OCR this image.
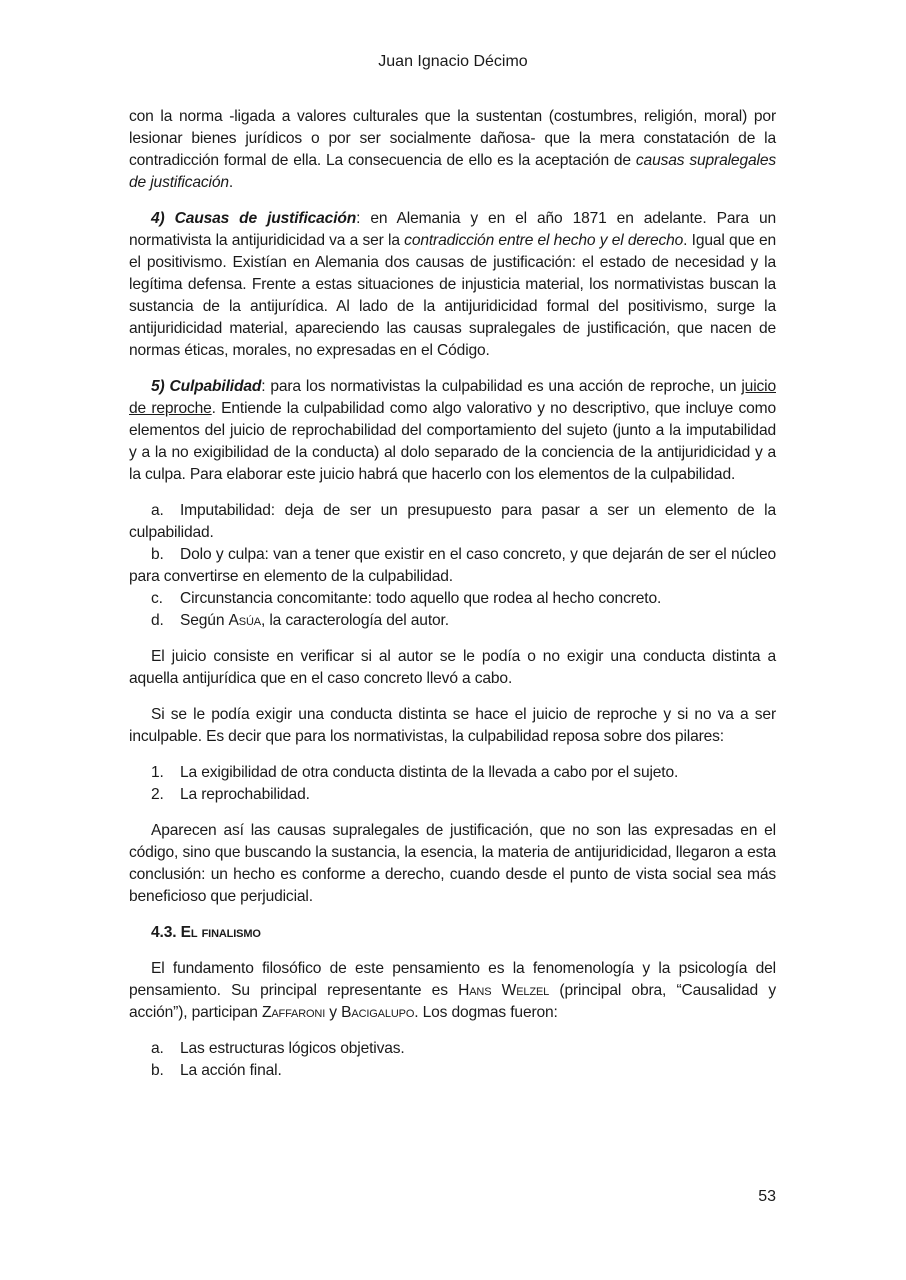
Juan Ignacio Décimo

con la norma -ligada a valores culturales que la sustentan (costumbres, religión, moral) por lesionar bienes jurídicos o por ser socialmente dañosa- que la mera constatación de la contradicción formal de ella. La consecuencia de ello es la aceptación de causas supralegales de justificación.

4) Causas de justificación: en Alemania y en el año 1871 en adelante. Para un normativista la antijuridicidad va a ser la contradicción entre el hecho y el derecho. Igual que en el positivismo. Existían en Alemania dos causas de justificación: el estado de necesidad y la legítima defensa. Frente a estas situaciones de injusticia material, los normativistas buscan la sustancia de la antijurídica. Al lado de la antijuridicidad formal del positivismo, surge la antijuridicidad material, apareciendo las causas supralegales de justificación, que nacen de normas éticas, morales, no expresadas en el Código.

5) Culpabilidad: para los normativistas la culpabilidad es una acción de reproche, un juicio de reproche. Entiende la culpabilidad como algo valorativo y no descriptivo, que incluye como elementos del juicio de reprochabilidad del comportamiento del sujeto (junto a la imputabilidad y a la no exigibilidad de la conducta) al dolo separado de la conciencia de la antijuridicidad y a la culpa. Para elaborar este juicio habrá que hacerlo con los elementos de la culpabilidad.

a. Imputabilidad: deja de ser un presupuesto para pasar a ser un elemento de la culpabilidad.

b. Dolo y culpa: van a tener que existir en el caso concreto, y que dejarán de ser el núcleo para convertirse en elemento de la culpabilidad.

c. Circunstancia concomitante: todo aquello que rodea al hecho concreto.

d. Según Asúa, la caracterología del autor.

El juicio consiste en verificar si al autor se le podía o no exigir una conducta distinta a aquella antijurídica que en el caso concreto llevó a cabo.

Si se le podía exigir una conducta distinta se hace el juicio de reproche y si no va a ser inculpable. Es decir que para los normativistas, la culpabilidad reposa sobre dos pilares:

1. La exigibilidad de otra conducta distinta de la llevada a cabo por el sujeto.

2. La reprochabilidad.

Aparecen así las causas supralegales de justificación, que no son las expresadas en el código, sino que buscando la sustancia, la esencia, la materia de antijuridicidad, llegaron a esta conclusión: un hecho es conforme a derecho, cuando desde el punto de vista social sea más beneficioso que perjudicial.

4.3. El finalismo

El fundamento filosófico de este pensamiento es la fenomenología y la psicología del pensamiento. Su principal representante es Hans Welzel (principal obra, “Causalidad y acción”), participan Zaffaroni y Bacigalupo. Los dogmas fueron:

a. Las estructuras lógicos objetivas.

b. La acción final.

53
